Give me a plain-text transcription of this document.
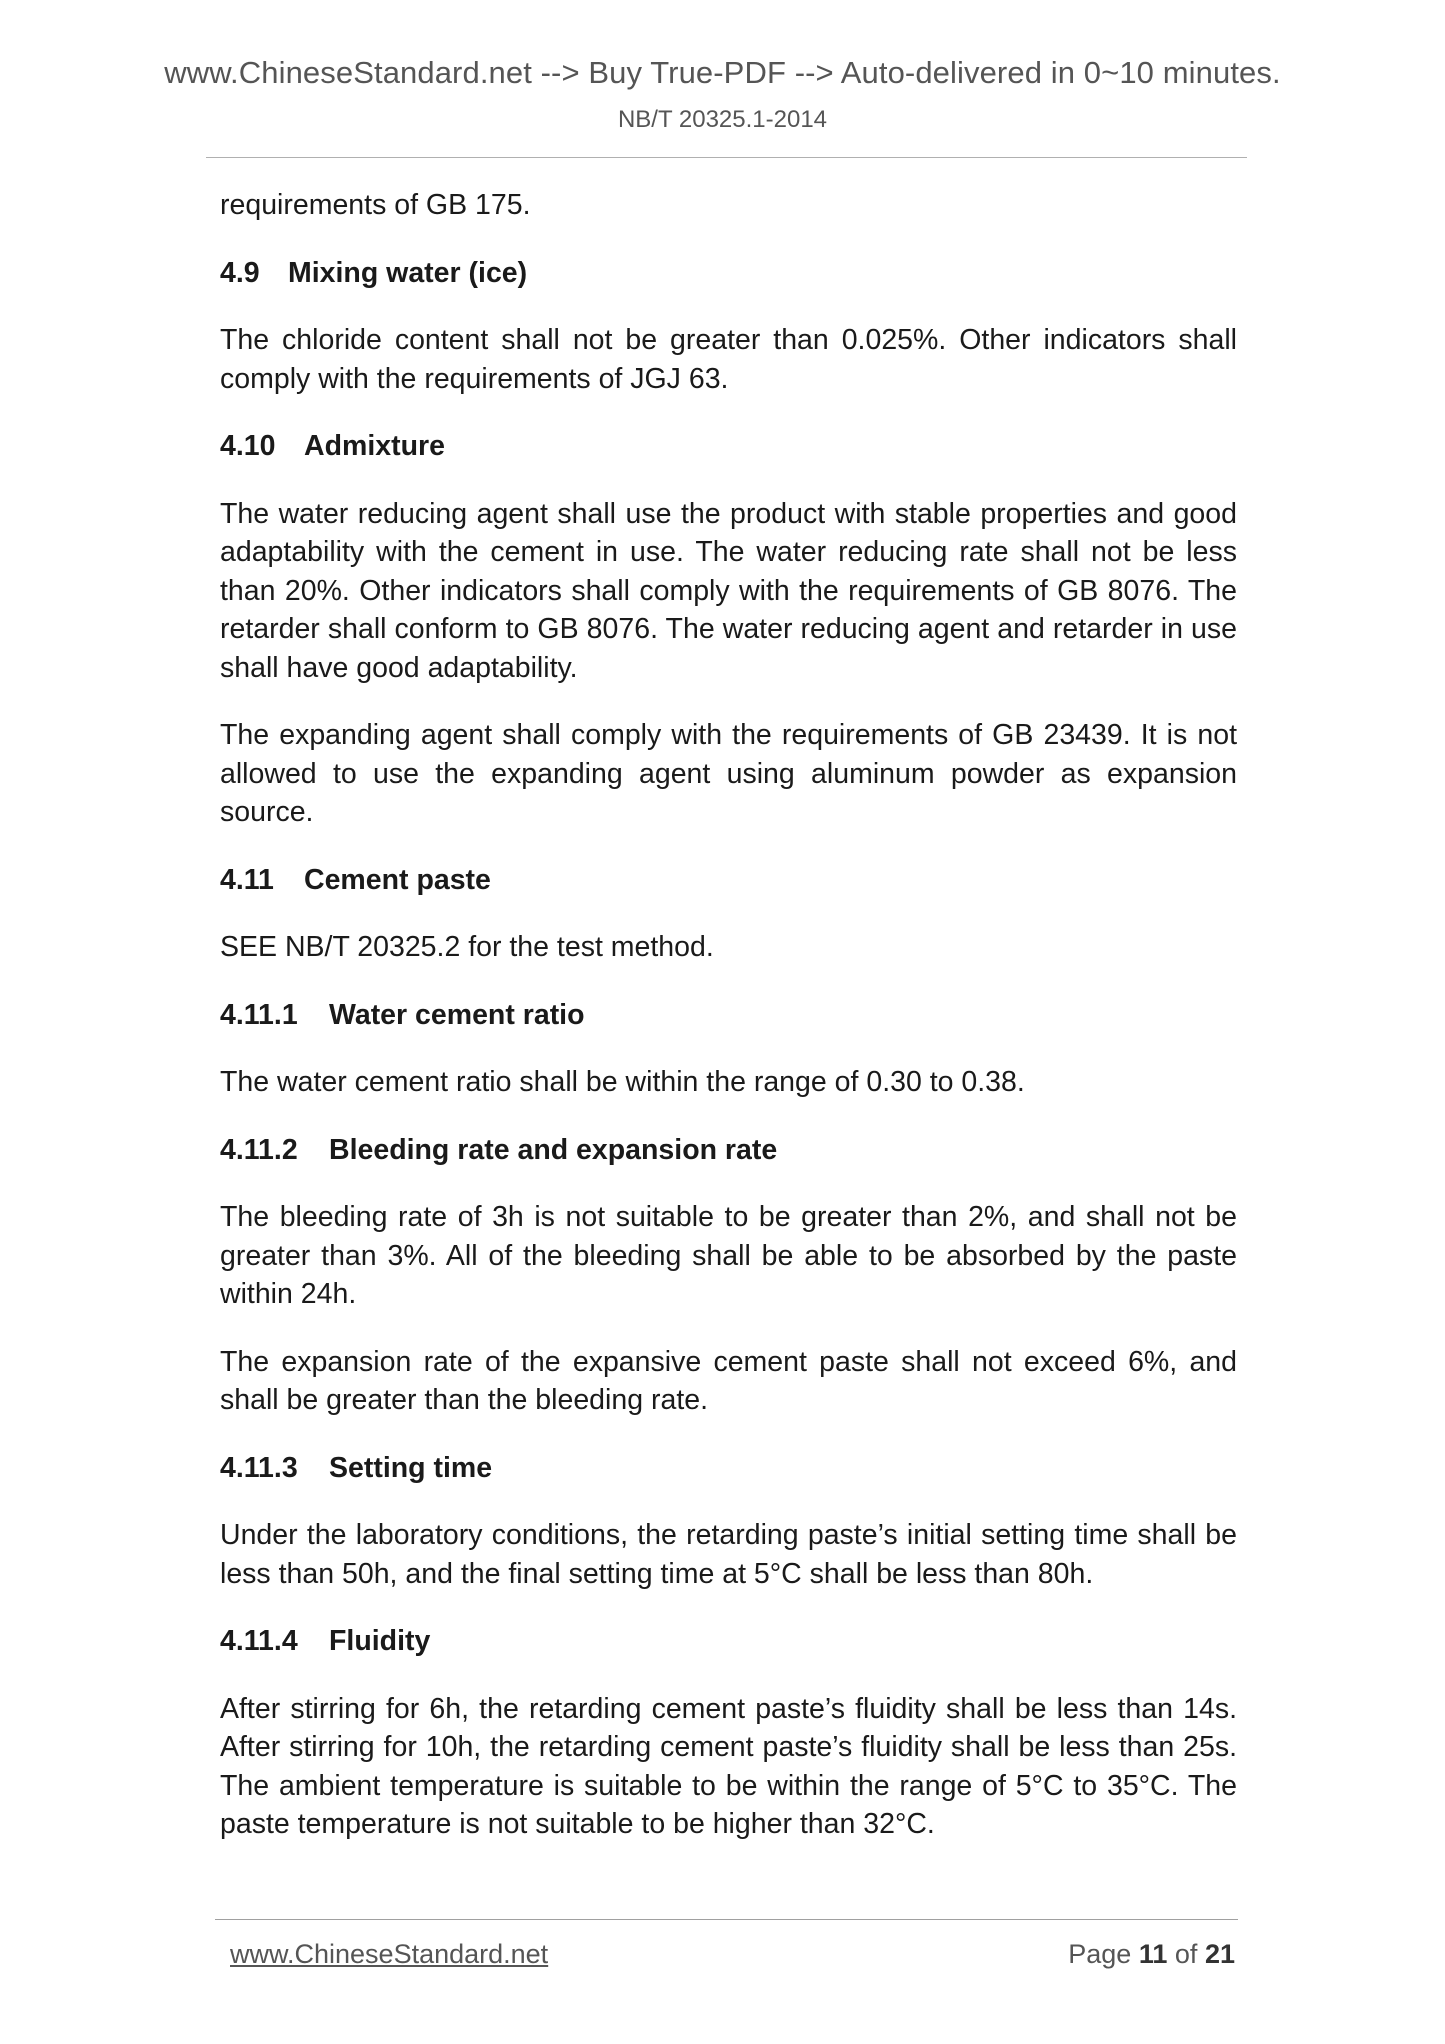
www.ChineseStandard.net --> Buy True-PDF --> Auto-delivered in 0~10 minutes.
NB/T 20325.1-2014

requirements of GB 175.

4.9 Mixing water (ice)

The chloride content shall not be greater than 0.025%. Other indicators shall comply with the requirements of JGJ 63.

4.10 Admixture

The water reducing agent shall use the product with stable properties and good adaptability with the cement in use. The water reducing rate shall not be less than 20%. Other indicators shall comply with the requirements of GB 8076. The retarder shall conform to GB 8076. The water reducing agent and retarder in use shall have good adaptability.

The expanding agent shall comply with the requirements of GB 23439. It is not allowed to use the expanding agent using aluminum powder as expansion source.

4.11 Cement paste

SEE NB/T 20325.2 for the test method.

4.11.1 Water cement ratio

The water cement ratio shall be within the range of 0.30 to 0.38.

4.11.2 Bleeding rate and expansion rate

The bleeding rate of 3h is not suitable to be greater than 2%, and shall not be greater than 3%. All of the bleeding shall be able to be absorbed by the paste within 24h.

The expansion rate of the expansive cement paste shall not exceed 6%, and shall be greater than the bleeding rate.

4.11.3 Setting time

Under the laboratory conditions, the retarding paste’s initial setting time shall be less than 50h, and the final setting time at 5°C shall be less than 80h.

4.11.4 Fluidity

After stirring for 6h, the retarding cement paste’s fluidity shall be less than 14s. After stirring for 10h, the retarding cement paste’s fluidity shall be less than 25s. The ambient temperature is suitable to be within the range of 5°C to 35°C. The paste temperature is not suitable to be higher than 32°C.

www.ChineseStandard.net	Page 11 of 21
